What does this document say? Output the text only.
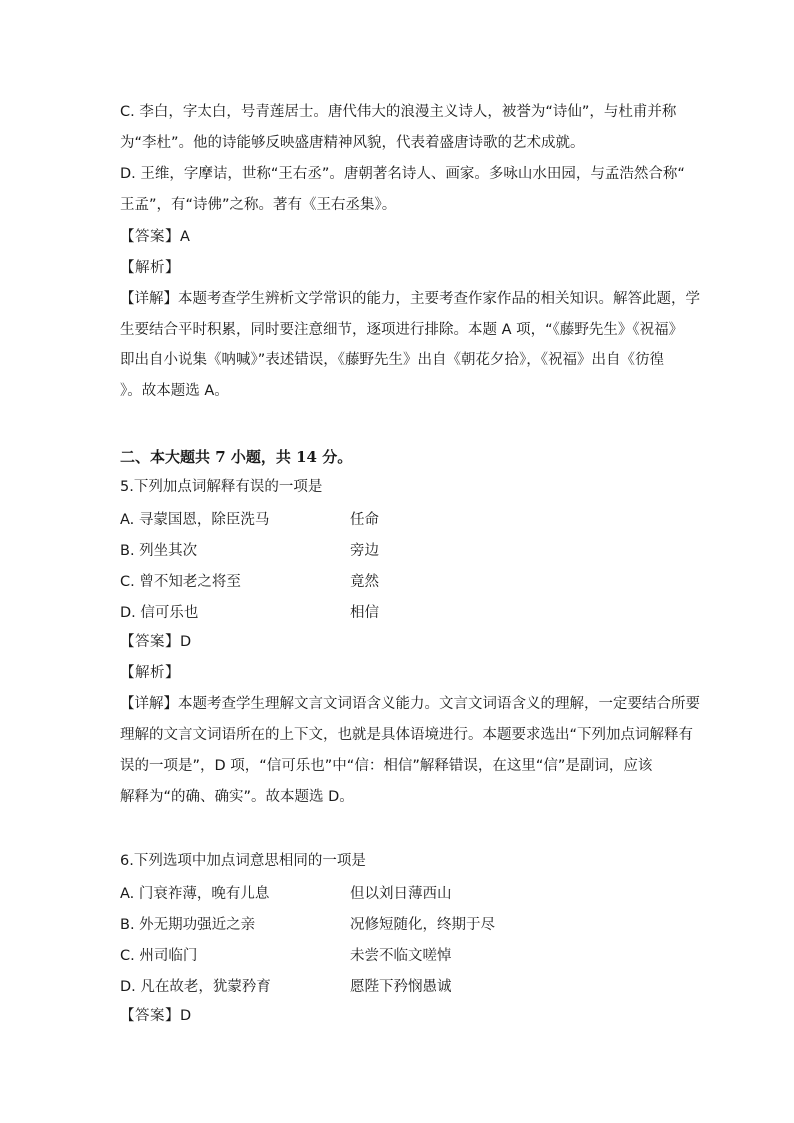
C. 李白，字太白，号青莲居士。唐代伟大的浪漫主义诗人，被誉为“诗仙”，与杜甫并称
为“李杜”。他的诗能够反映盛唐精神风貌，代表着盛唐诗歌的艺术成就。
D. 王维，字摩诘，世称“王右丞”。唐朝著名诗人、画家。多咏山水田园，与孟浩然合称“
王孟”，有“诗佛”之称。著有《王右丞集》。
【答案】A
【解析】
【详解】本题考查学生辨析文学常识的能力，主要考查作家作品的相关知识。解答此题，学
生要结合平时积累，同时要注意细节，逐项进行排除。本题 A 项，“《藤野先生》《祝福》
即出自小说集《呐喊》”表述错误，《藤野先生》出自《朝花夕拾》，《祝福》出自《彷徨
》。故本题选 A。
二、本大题共 7 小题，共 14 分。
5.下列加点词解释有误的一项是
A. 寻蒙国恩，除臣洗马	任命
B. 列坐其次	旁边
C. 曾不知老之将至	竟然
D. 信可乐也	相信
【答案】D
【解析】
【详解】本题考查学生理解文言文词语含义能力。文言文词语含义的理解，一定要结合所要
理解的文言文词语所在的上下文，也就是具体语境进行。本题要求选出“下列加点词解释有
误的一项是”，D 项，“信可乐也”中“信：相信”解释错误，在这里“信”是副词，应该
解释为“的确、确实”。故本题选 D。
6.下列选项中加点词意思相同的一项是
A. 门衰祚薄，晚有儿息	但以刘日薄西山
B. 外无期功强近之亲	况修短随化，终期于尽
C. 州司临门	未尝不临文嗟悼
D. 凡在故老，犹蒙矜育	愿陛下矜悯愚诚
【答案】D
